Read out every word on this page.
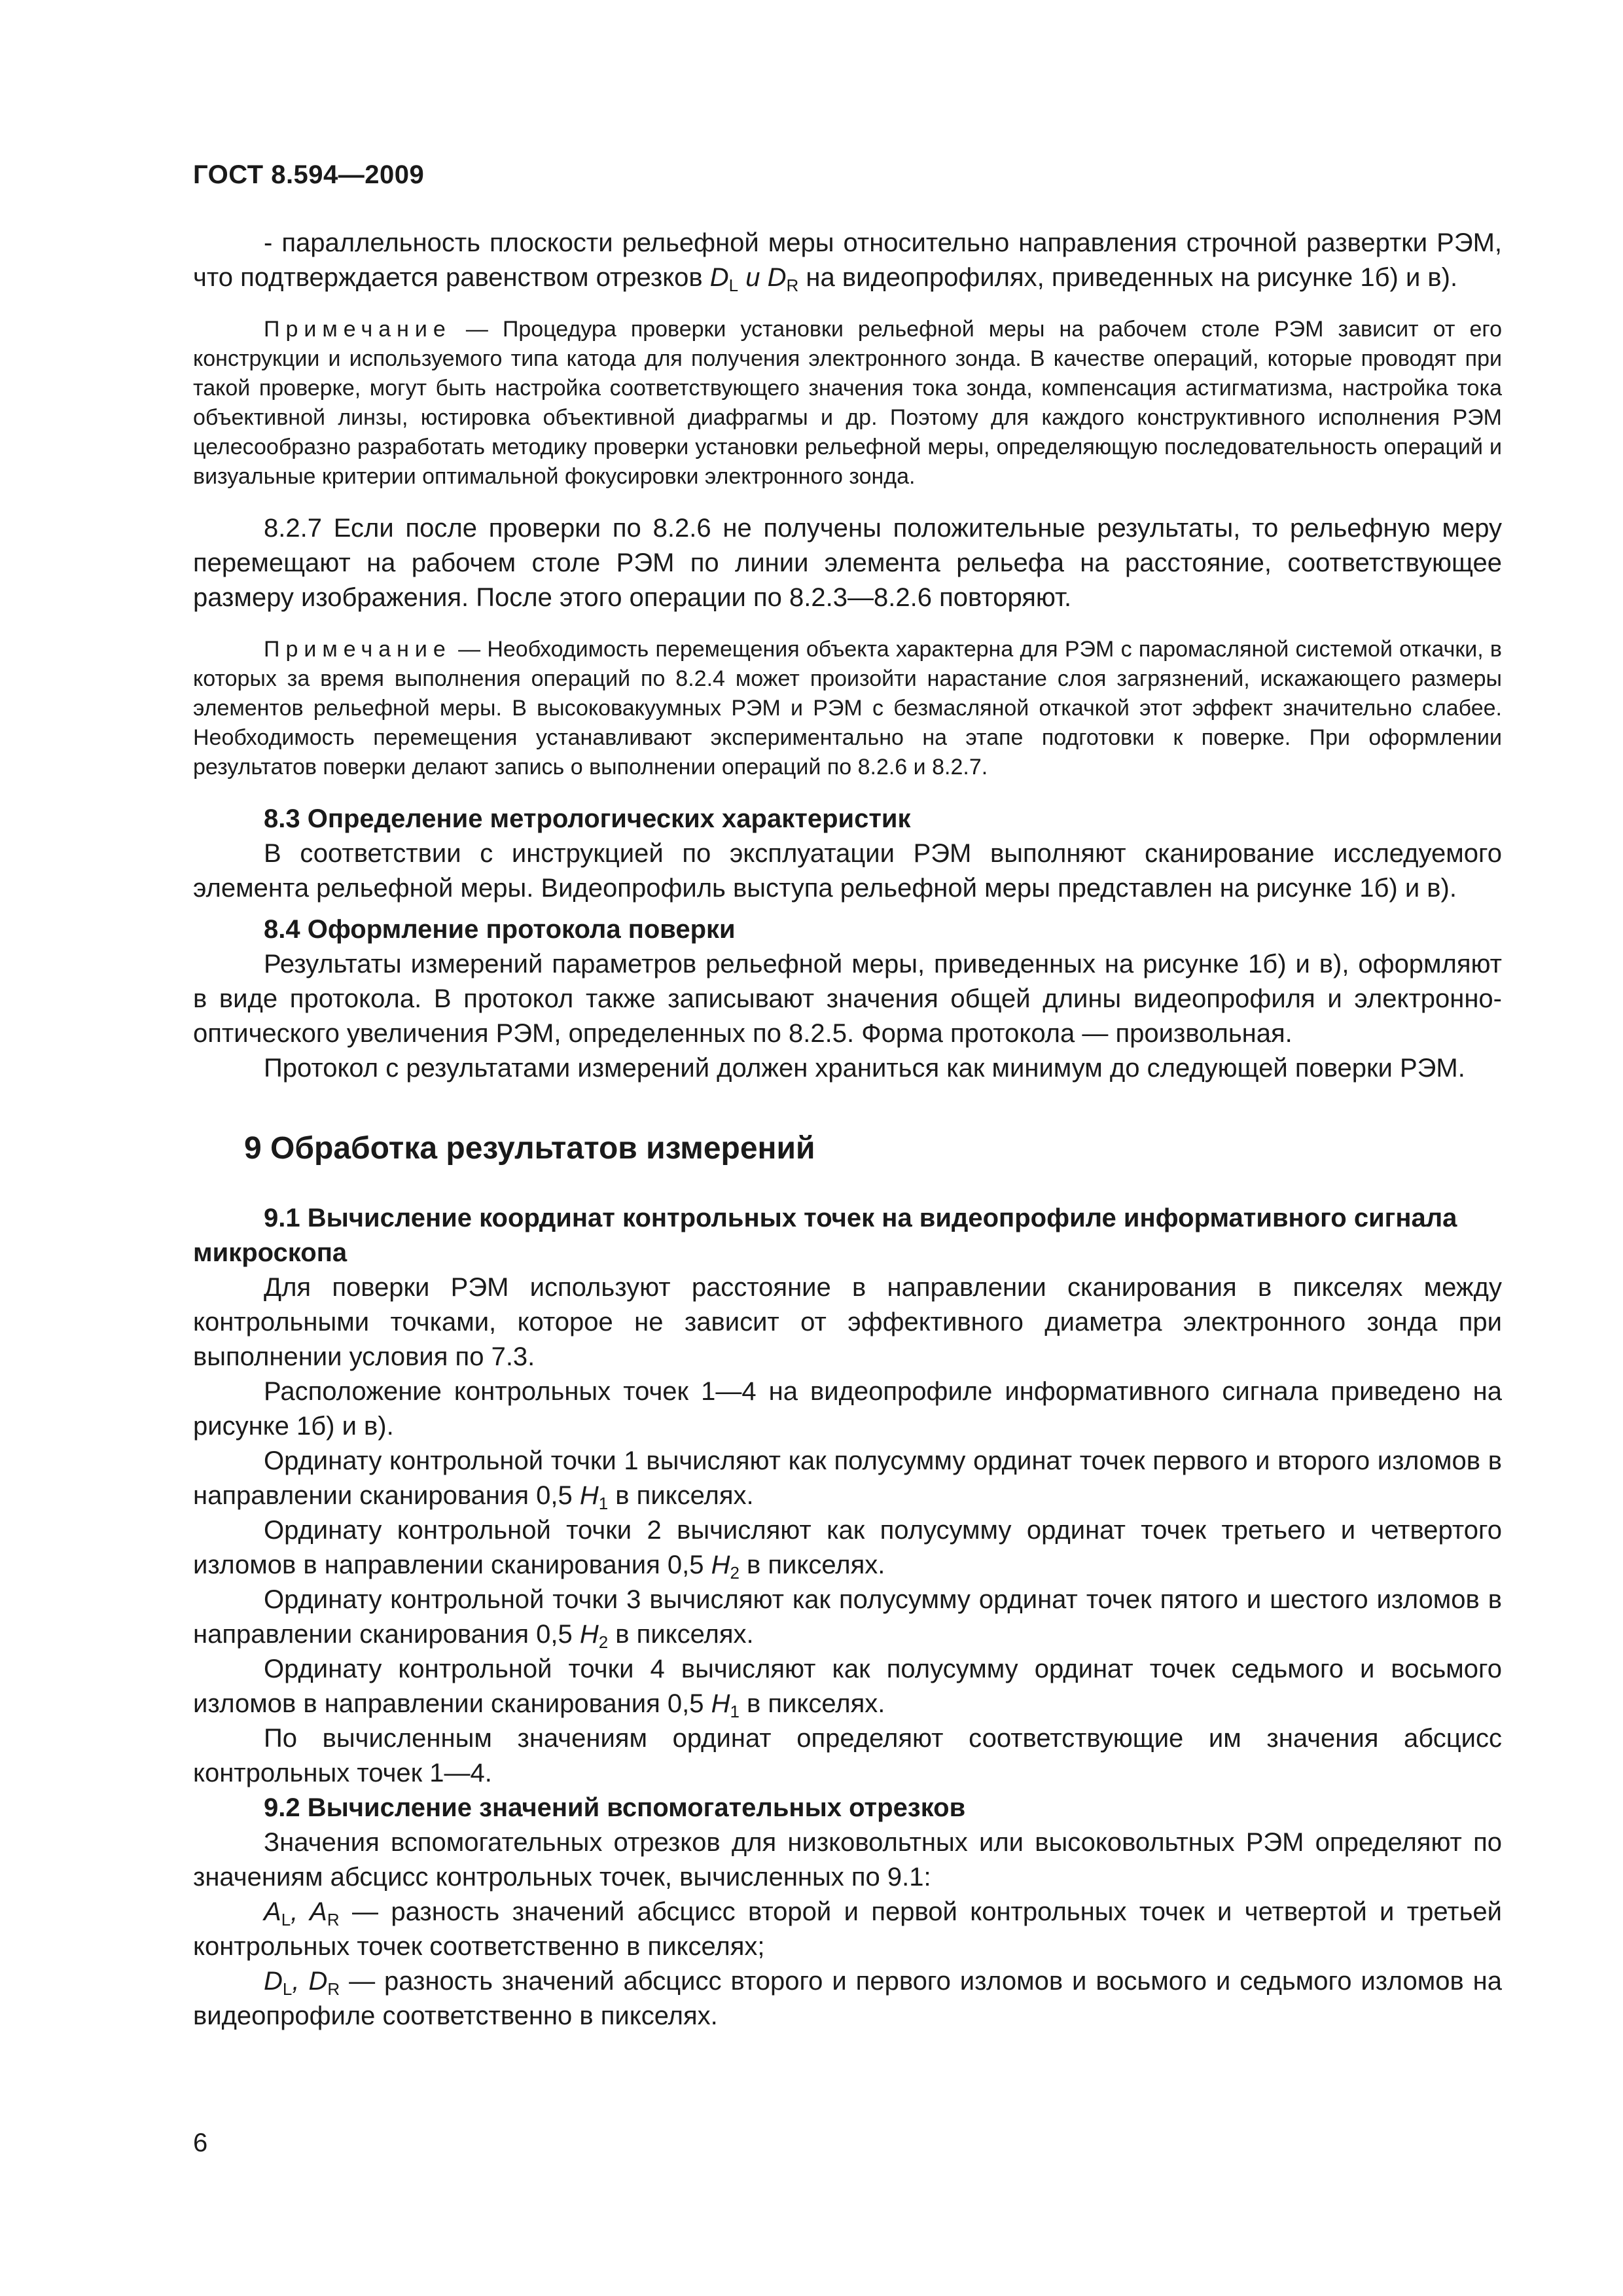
ГОСТ 8.594—2009

- параллельность плоскости рельефной меры относительно направления строчной развертки РЭМ, что подтверждается равенством отрезков $D_L$ и $D_R$ на видеопрофилях, приведенных на рисунке 1б) и в).

Примечание — Процедура проверки установки рельефной меры на рабочем столе РЭМ зависит от его конструкции и используемого типа катода для получения электронного зонда. В качестве операций, которые проводят при такой проверке, могут быть настройка соответствующего значения тока зонда, компенсация астигматизма, настройка тока объективной линзы, юстировка объективной диафрагмы и др. Поэтому для каждого конструктивного исполнения РЭМ целесообразно разработать методику проверки установки рельефной меры, определяющую последовательность операций и визуальные критерии оптимальной фокусировки электронного зонда.

8.2.7 Если после проверки по 8.2.6 не получены положительные результаты, то рельефную меру перемещают на рабочем столе РЭМ по линии элемента рельефа на расстояние, соответствующее размеру изображения. После этого операции по 8.2.3—8.2.6 повторяют.

Примечание — Необходимость перемещения объекта характерна для РЭМ с паромасляной системой откачки, в которых за время выполнения операций по 8.2.4 может произойти нарастание слоя загрязнений, искажающего размеры элементов рельефной меры. В высоковакуумных РЭМ и РЭМ с безмасляной откачкой этот эффект значительно слабее. Необходимость перемещения устанавливают экспериментально на этапе подготовки к поверке. При оформлении результатов поверки делают запись о выполнении операций по 8.2.6 и 8.2.7.

8.3 Определение метрологических характеристик

В соответствии с инструкцией по эксплуатации РЭМ выполняют сканирование исследуемого элемента рельефной меры. Видеопрофиль выступа рельефной меры представлен на рисунке 1б) и в).

8.4 Оформление протокола поверки

Результаты измерений параметров рельефной меры, приведенных на рисунке 1б) и в), оформляют в виде протокола. В протокол также записывают значения общей длины видеопрофиля и электронно-оптического увеличения РЭМ, определенных по 8.2.5. Форма протокола — произвольная.

Протокол с результатами измерений должен храниться как минимум до следующей поверки РЭМ.

9 Обработка результатов измерений

9.1 Вычисление координат контрольных точек на видеопрофиле информативного сигнала микроскопа

Для поверки РЭМ используют расстояние в направлении сканирования в пикселях между контрольными точками, которое не зависит от эффективного диаметра электронного зонда при выполнении условия по 7.3.

Расположение контрольных точек 1—4 на видеопрофиле информативного сигнала приведено на рисунке 1б) и в).

Ординату контрольной точки 1 вычисляют как полусумму ординат точек первого и второго изломов в направлении сканирования 0,5 $H_1$ в пикселях.

Ординату контрольной точки 2 вычисляют как полусумму ординат точек третьего и четвертого изломов в направлении сканирования 0,5 $H_2$ в пикселях.

Ординату контрольной точки 3 вычисляют как полусумму ординат точек пятого и шестого изломов в направлении сканирования 0,5 $H_2$ в пикселях.

Ординату контрольной точки 4 вычисляют как полусумму ординат точек седьмого и восьмого изломов в направлении сканирования 0,5 $H_1$ в пикселях.

По вычисленным значениям ординат определяют соответствующие им значения абсцисс контрольных точек 1—4.

9.2 Вычисление значений вспомогательных отрезков

Значения вспомогательных отрезков для низковольтных или высоковольтных РЭМ определяют по значениям абсцисс контрольных точек, вычисленных по 9.1:

$A_L$, $A_R$ — разность значений абсцисс второй и первой контрольных точек и четвертой и третьей контрольных точек соответственно в пикселях;

$D_L$, $D_R$ — разность значений абсцисс второго и первого изломов и восьмого и седьмого изломов на видеопрофиле соответственно в пикселях.

6
